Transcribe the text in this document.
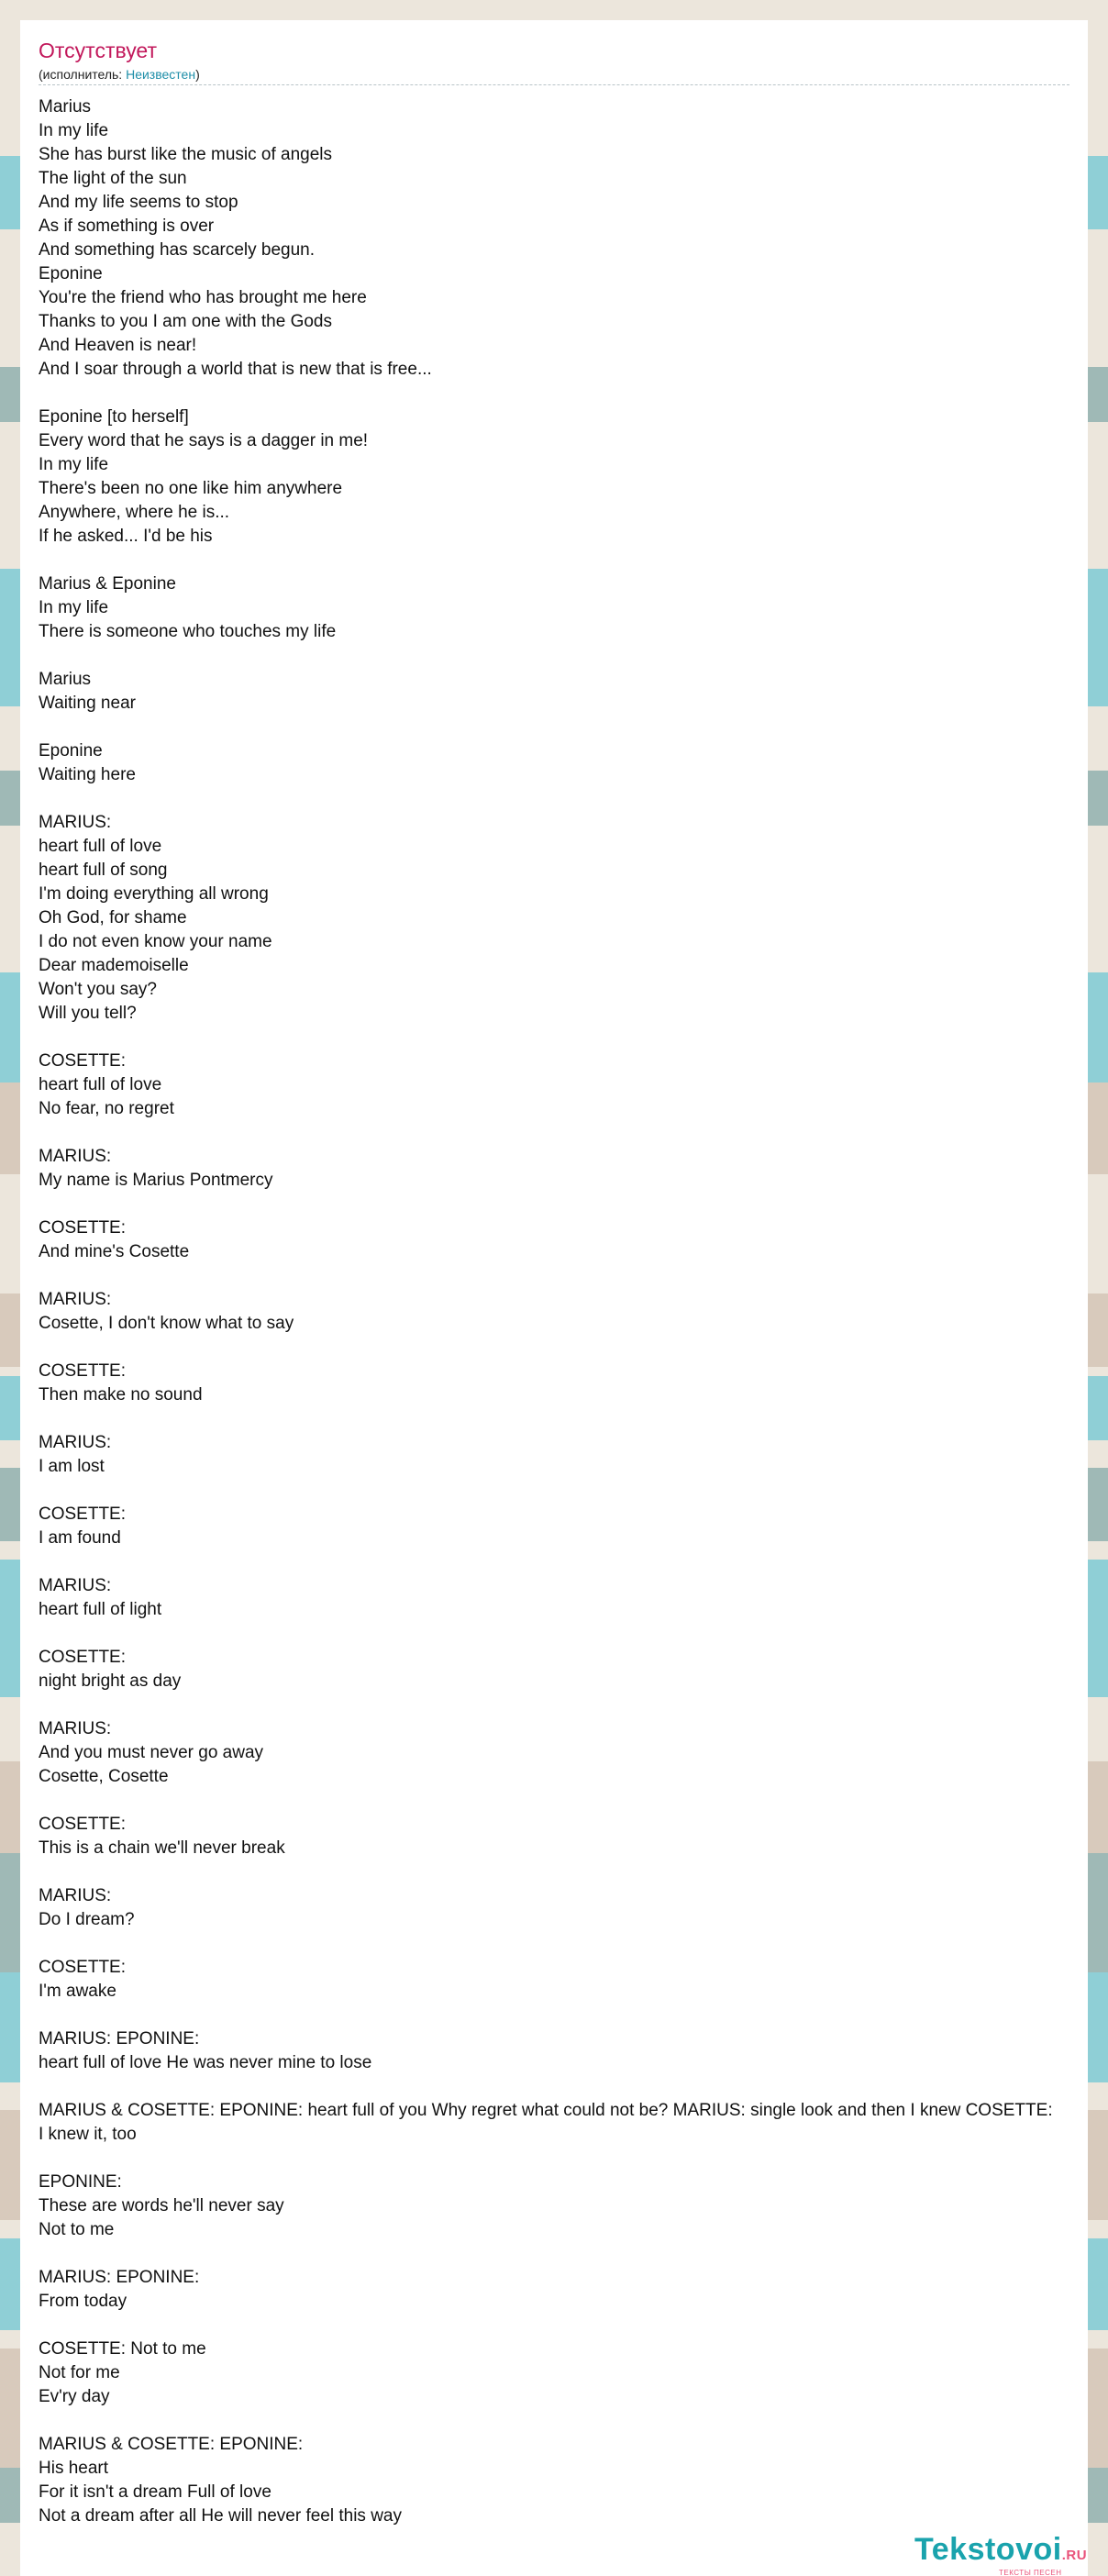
Отсутствует
(исполнитель: Неизвестен)
Marius
In my life
She has burst like the music of angels
The light of the sun
And my life seems to stop
As if something is over
And something has scarcely begun.
Eponine
You're the friend who has brought me here
Thanks to you I am one with the Gods
And Heaven is near!
And I soar through a world that is new that is free...
Eponine [to herself]
Every word that he says is a dagger in me!
In my life
There's been no one like him anywhere
Anywhere, where he is...
If he asked... I'd be his
Marius & Eponine
In my life
There is someone who touches my life
Marius
Waiting near
Eponine
Waiting here
MARIUS:
heart full of love
heart full of song
I'm doing everything all wrong
Oh God, for shame
I do not even know your name
Dear mademoiselle
Won't you say?
Will you tell?
COSETTE:
heart full of love
No fear, no regret
MARIUS:
My name is Marius Pontmercy
COSETTE:
And mine's Cosette
MARIUS:
Cosette, I don't know what to say
COSETTE:
Then make no sound
MARIUS:
I am lost
COSETTE:
I am found
MARIUS:
heart full of light
COSETTE:
night bright as day
MARIUS:
And you must never go away
Cosette, Cosette
COSETTE:
This is a chain we'll never break
MARIUS:
Do I dream?
COSETTE:
I'm awake
MARIUS: EPONINE:
heart full of love He was never mine to lose
MARIUS & COSETTE: EPONINE: heart full of you Why regret what could not be? MARIUS: single look and then I knew COSETTE:
I knew it, too
EPONINE:
These are words he'll never say
Not to me
MARIUS: EPONINE:
From today
COSETTE: Not to me
Not for me
Ev'ry day
MARIUS & COSETTE: EPONINE:
His heart
For it isn't a dream Full of love
Not a dream after all He will never feel this way
Tekstovoi.RU
ТЕКСТЫ ПЕСЕН
